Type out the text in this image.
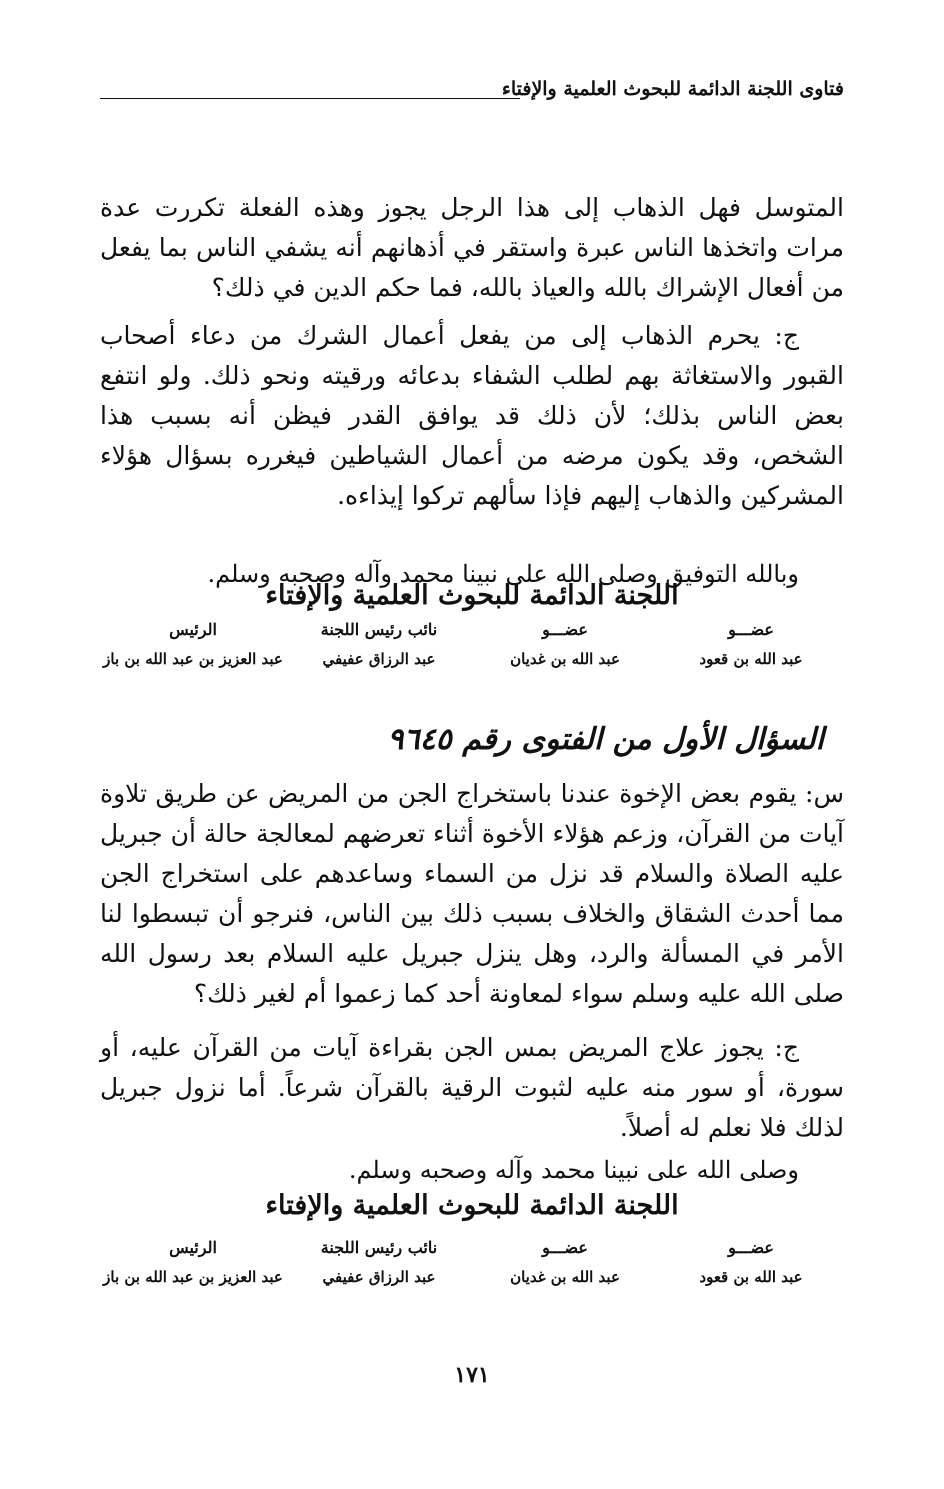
فتاوى اللجنة الدائمة للبحوث العلمية والإفتاء

المتوسل فهل الذهاب إلى هذا الرجل يجوز وهذه الفعلة تكررت عدة مرات واتخذها الناس عبرة واستقر في أذهانهم أنه يشفي الناس بما يفعل من أفعال الإشراك بالله والعياذ بالله، فما حكم الدين في ذلك؟

ج: يحرم الذهاب إلى من يفعل أعمال الشرك من دعاء أصحاب القبور والاستغاثة بهم لطلب الشفاء بدعائه ورقيته ونحو ذلك. ولو انتفع بعض الناس بذلك؛ لأن ذلك قد يوافق القدر فيظن أنه بسبب هذا الشخص، وقد يكون مرضه من أعمال الشياطين فيغرره بسؤال هؤلاء المشركين والذهاب إليهم فإذا سألهم تركوا إيذاءه.

وبالله التوفيق وصلى الله على نبينا محمد وآله وصحبه وسلم.

اللجنة الدائمة للبحوث العلمية والإفتاء
عضـــو
عضـــو
نائب رئيس اللجنة
الرئيس
عبد الله بن قعود
عبد الله بن غديان
عبد الرزاق عفيفي
عبد العزيز بن عبد الله بن باز
السؤال الأول من الفتوى رقم ٩٦٤٥

س: يقوم بعض الإخوة عندنا باستخراج الجن من المريض عن طريق تلاوة آيات من القرآن، وزعم هؤلاء الأخوة أثناء تعرضهم لمعالجة حالة أن جبريل عليه الصلاة والسلام قد نزل من السماء وساعدهم على استخراج الجن مما أحدث الشقاق والخلاف بسبب ذلك بين الناس، فنرجو أن تبسطوا لنا الأمر في المسألة والرد، وهل ينزل جبريل عليه السلام بعد رسول الله صلى الله عليه وسلم سواء لمعاونة أحد كما زعموا أم لغير ذلك؟

ج: يجوز علاج المريض بمس الجن بقراءة آيات من القرآن عليه، أو سورة، أو سور منه عليه لثبوت الرقية بالقرآن شرعاً. أما نزول جبريل لذلك فلا نعلم له أصلاً.

وصلى الله على نبينا محمد وآله وصحبه وسلم.

اللجنة الدائمة للبحوث العلمية والإفتاء
عضـــو
عضـــو
نائب رئيس اللجنة
الرئيس
عبد الله بن قعود
عبد الله بن غديان
عبد الرزاق عفيفي
عبد العزيز بن عبد الله بن باز
١٧١
